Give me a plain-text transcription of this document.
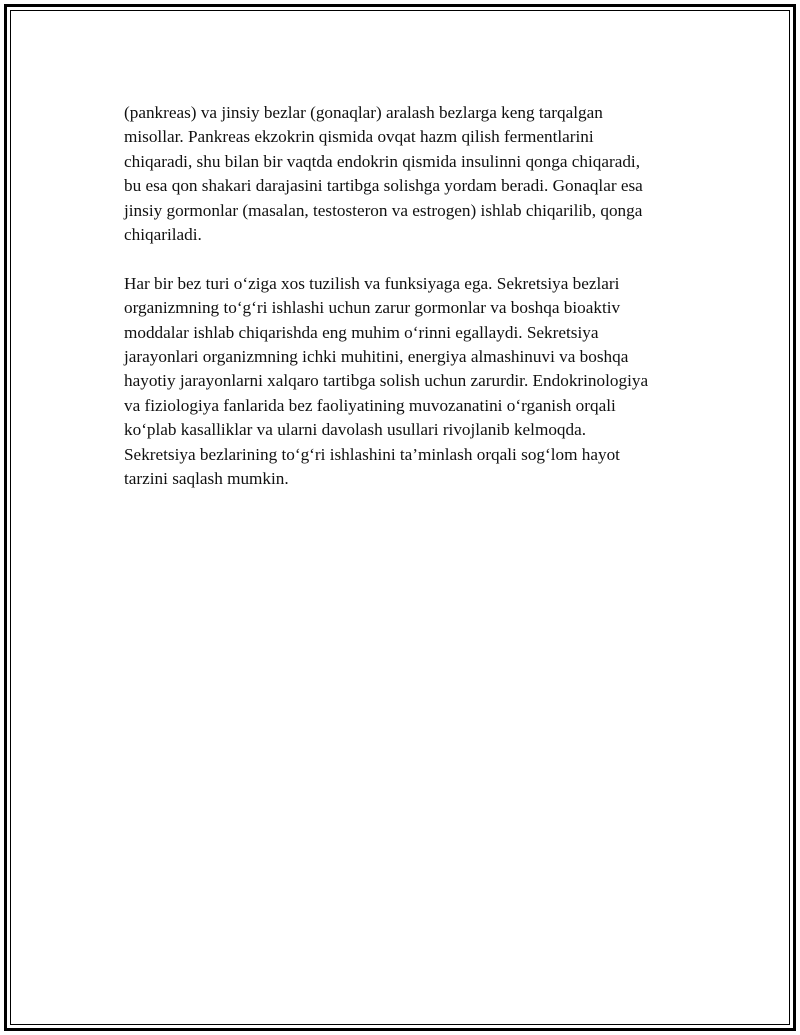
(pankreas) va jinsiy bezlar (gonaqlar) aralash bezlarga keng tarqalgan
misollar. Pankreas ekzokrin qismida ovqat hazm qilish fermentlarini
chiqaradi, shu bilan bir vaqtda endokrin qismida insulinni qonga chiqaradi,
bu esa qon shakari darajasini tartibga solishga yordam beradi. Gonaqlar esa
jinsiy gormonlar (masalan, testosteron va estrogen) ishlab chiqarilib, qonga
chiqariladi.

Har bir bez turi o‘ziga xos tuzilish va funksiyaga ega. Sekretsiya bezlari
organizmning to‘g‘ri ishlashi uchun zarur gormonlar va boshqa bioaktiv
moddalar ishlab chiqarishda eng muhim o‘rinni egallaydi. Sekretsiya
jarayonlari organizmning ichki muhitini, energiya almashinuvi va boshqa
hayotiy jarayonlarni xalqaro tartibga solish uchun zarurdir. Endokrinologiya
va fiziologiya fanlarida bez faoliyatining muvozanatini o‘rganish orqali
ko‘plab kasalliklar va ularni davolash usullari rivojlanib kelmoqda.
Sekretsiya bezlarining to‘g‘ri ishlashini ta’minlash orqali sog‘lom hayot
tarzini saqlash mumkin.
